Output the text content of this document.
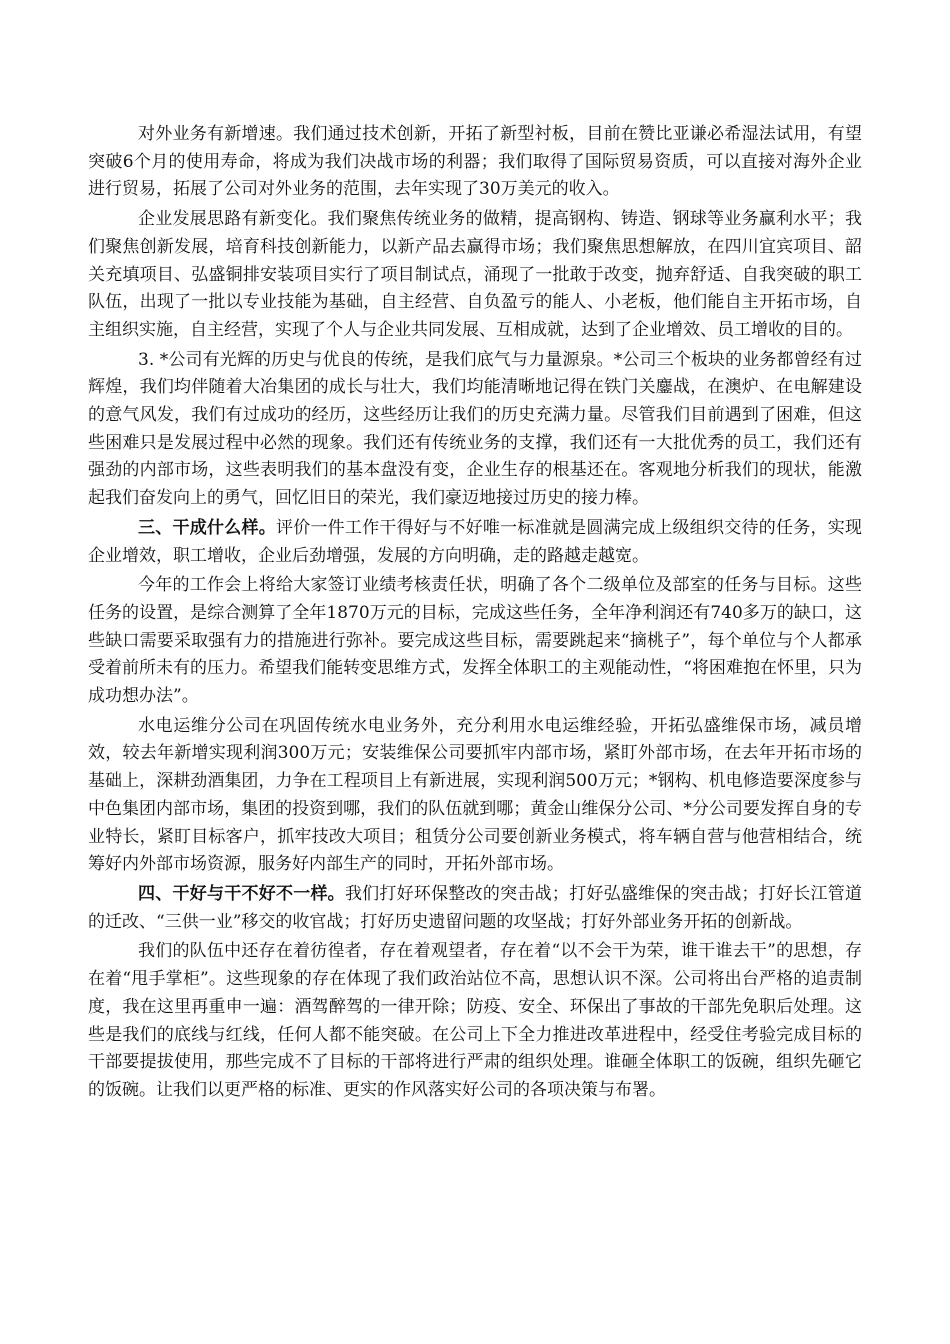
对外业务有新增速。我们通过技术创新，开拓了新型衬板，目前在赞比亚谦必希湿法试用，有望突破6个月的使用寿命，将成为我们决战市场的利器；我们取得了国际贸易资质，可以直接对海外企业进行贸易，拓展了公司对外业务的范围，去年实现了30万美元的收入。

企业发展思路有新变化。我们聚焦传统业务的做精，提高钢构、铸造、钢球等业务赢利水平；我们聚焦创新发展，培育科技创新能力，以新产品去赢得市场；我们聚焦思想解放，在四川宜宾项目、韶关充填项目、弘盛铜排安装项目实行了项目制试点，涌现了一批敢于改变，抛弃舒适、自我突破的职工队伍，出现了一批以专业技能为基础，自主经营、自负盈亏的能人、小老板，他们能自主开拓市场，自主组织实施，自主经营，实现了个人与企业共同发展、互相成就，达到了企业增效、员工增收的目的。

3. *公司有光辉的历史与优良的传统，是我们底气与力量源泉。*公司三个板块的业务都曾经有过辉煌，我们均伴随着大冶集团的成长与壮大，我们均能清晰地记得在铁门关鏖战，在澳炉、在电解建设的意气风发，我们有过成功的经历，这些经历让我们的历史充满力量。尽管我们目前遇到了困难，但这些困难只是发展过程中必然的现象。我们还有传统业务的支撑，我们还有一大批优秀的员工，我们还有强劲的内部市场，这些表明我们的基本盘没有变，企业生存的根基还在。客观地分析我们的现状，能激起我们奋发向上的勇气，回忆旧日的荣光，我们豪迈地接过历史的接力棒。

三、干成什么样。评价一件工作干得好与不好唯一标准就是圆满完成上级组织交待的任务，实现企业增效，职工增收，企业后劲增强，发展的方向明确，走的路越走越宽。

今年的工作会上将给大家签订业绩考核责任状，明确了各个二级单位及部室的任务与目标。这些任务的设置，是综合测算了全年1870万元的目标，完成这些任务，全年净利润还有740多万的缺口，这些缺口需要采取强有力的措施进行弥补。要完成这些目标，需要跳起来“摘桃子”，每个单位与个人都承受着前所未有的压力。希望我们能转变思维方式，发挥全体职工的主观能动性，“将困难抱在怀里，只为成功想办法”。

水电运维分公司在巩固传统水电业务外，充分利用水电运维经验，开拓弘盛维保市场，减员增效，较去年新增实现利润300万元；安装维保公司要抓牢内部市场，紧盯外部市场，在去年开拓市场的基础上，深耕劲酒集团，力争在工程项目上有新进展，实现利润500万元；*钢构、机电修造要深度参与中色集团内部市场，集团的投资到哪，我们的队伍就到哪；黄金山维保分公司、*分公司要发挥自身的专业特长，紧盯目标客户，抓牢技改大项目；租赁分公司要创新业务模式，将车辆自营与他营相结合，统筹好内外部市场资源，服务好内部生产的同时，开拓外部市场。

四、干好与干不好不一样。我们打好环保整改的突击战；打好弘盛维保的突击战；打好长江管道的迁改、“三供一业”移交的收官战；打好历史遗留问题的攻坚战；打好外部业务开拓的创新战。

我们的队伍中还存在着彷徨者，存在着观望者，存在着“以不会干为荣，谁干谁去干”的思想，存在着“甩手掌柜”。这些现象的存在体现了我们政治站位不高，思想认识不深。公司将出台严格的追责制度，我在这里再重申一遍：酒驾醉驾的一律开除；防疫、安全、环保出了事故的干部先免职后处理。这些是我们的底线与红线，任何人都不能突破。在公司上下全力推进改革进程中，经受住考验完成目标的干部要提拔使用，那些完成不了目标的干部将进行严肃的组织处理。谁砸全体职工的饭碗，组织先砸它的饭碗。让我们以更严格的标准、更实的作风落实好公司的各项决策与布署。
